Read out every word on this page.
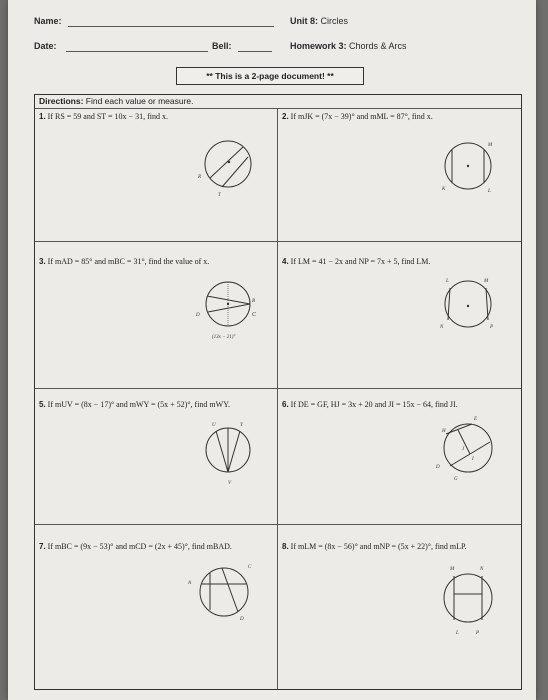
Name:
Date:	Bell:
Unit 8: Circles
Homework 3: Chords & Arcs
** This is a 2-page document! **
Directions: Find each value or measure.
1. If RS = 59 and ST = 10x − 31, find x.	2. If mJK = (7x − 39)° and mML = 87°, find x.
3. If mAD = 85° and mBC = 31°, find the value of x.	4. If LM = 41 − 2x and NP = 7x + 5, find LM.
5. If mUV = (8x − 17)° and mWY = (5x + 52)°, find mWY.	6. If DE = GF, HJ = 3x + 20 and JI = 15x − 64, find JI.
7. If mBC = (9x − 53)° and mCD = (2x + 45)°, find mBAD.	8. If mLM = (8x − 56)° and mNP = (5x + 22)°, find mLP.
R
T
M
K	L
B
C
D
(13x − 21)°
L	M
N	P
U
V
Y
E
H
J
I
D
G
A
C
D
M	N
L	P
